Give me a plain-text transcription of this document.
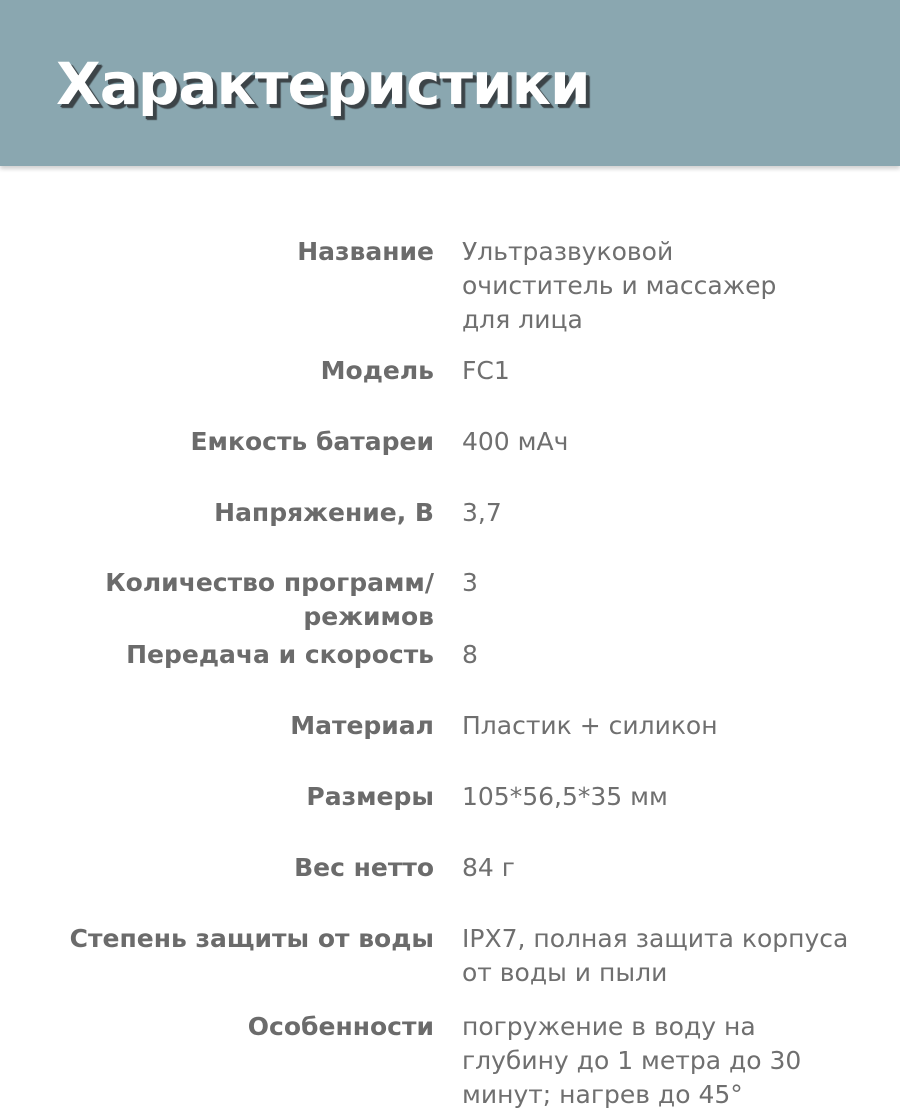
Характеристики
Название Ультразвуковой очиститель и массажер для лица
Модель FC1
Емкость батареи 400 мАч
Напряжение, В 3,7
Количество программ/ режимов
3
Передача и скорость 8
Материал Пластик + силикон
Размеры 105*56,5*35 мм
Вес нетто 84 г
Степень защиты от воды IPX7, полная защита корпуса от воды и пыли
Особенности погружение в воду на глубину до 1 метра до 30 минут; нагрев до 45°
